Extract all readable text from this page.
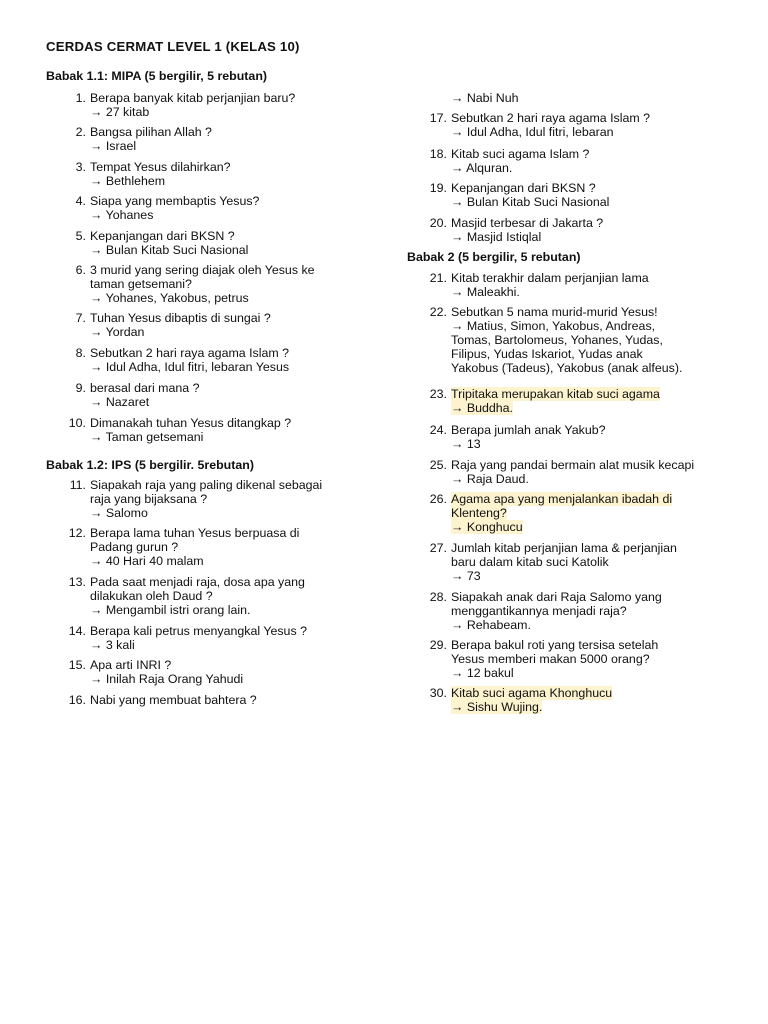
CERDAS CERMAT LEVEL 1 (KELAS 10)
Babak 1.1: MIPA (5 bergilir, 5 rebutan)
1. Berapa banyak kitab perjanjian baru?
→ 27 kitab
2. Bangsa pilihan Allah ?
→ Israel
3. Tempat Yesus dilahirkan?
→ Bethlehem
4. Siapa yang membaptis Yesus?
→ Yohanes
5. Kepanjangan dari BKSN ?
→ Bulan Kitab Suci Nasional
6. 3 murid yang sering diajak oleh Yesus ke
taman getsemani?
→ Yohanes, Yakobus, petrus
7. Tuhan Yesus dibaptis di sungai ?
→ Yordan
8. Sebutkan 2 hari raya agama Islam ?
→ Idul Adha, Idul fitri, lebaran Yesus
9. berasal dari mana ?
→ Nazaret
10. Dimanakah tuhan Yesus ditangkap ?
→ Taman getsemani
Babak 1.2: IPS (5 bergilir. 5rebutan)
11. Siapakah raja yang paling dikenal sebagai
raja yang bijaksana ?
→ Salomo
12. Berapa lama tuhan Yesus berpuasa di
Padang gurun ?
→ 40 Hari 40 malam
13. Pada saat menjadi raja, dosa apa yang
dilakukan oleh Daud ?
→ Mengambil istri orang lain.
14. Berapa kali petrus menyangkal Yesus ?
→ 3 kali
15. Apa arti INRI ?
→ Inilah Raja Orang Yahudi
16. Nabi yang membuat bahtera ?
→ Nabi Nuh
17. Sebutkan 2 hari raya agama Islam ?
→ Idul Adha, Idul fitri, lebaran
18. Kitab suci agama Islam ?
→ Alquran.
19. Kepanjangan dari BKSN ?
→ Bulan Kitab Suci Nasional
20. Masjid terbesar di Jakarta ?
→ Masjid Istiqlal
Babak 2 (5 bergilir, 5 rebutan)
21. Kitab terakhir dalam perjanjian lama
→ Maleakhi.
22. Sebutkan 5 nama murid-murid Yesus!
→ Matius, Simon, Yakobus, Andreas,
Tomas, Bartolomeus, Yohanes, Yudas,
Filipus, Yudas Iskariot, Yudas anak
Yakobus (Tadeus), Yakobus (anak alfeus).
23. Tripitaka merupakan kitab suci agama
→ Buddha.
24. Berapa jumlah anak Yakub?
→ 13
25. Raja yang pandai bermain alat musik kecapi
→ Raja Daud.
26. Agama apa yang menjalankan ibadah di
Klenteng?
→ Konghucu
27. Jumlah kitab perjanjian lama & perjanjian
baru dalam kitab suci Katolik
→ 73
28. Siapakah anak dari Raja Salomo yang
menggantikannya menjadi raja?
→ Rehabeam.
29. Berapa bakul roti yang tersisa setelah
Yesus memberi makan 5000 orang?
→ 12 bakul
30. Kitab suci agama Khonghucu
→ Sishu Wujing.
